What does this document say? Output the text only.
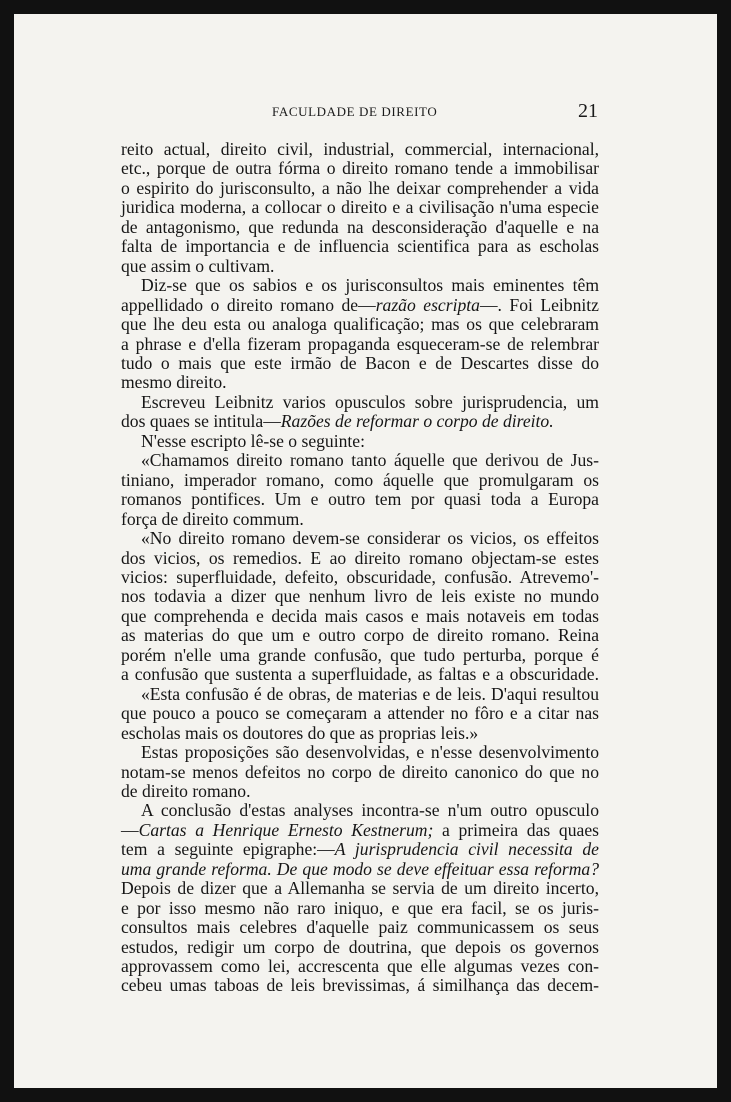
FACULDADE DE DIREITO	21
reito actual, direito civil, industrial, commercial, internacional,
etc., porque de outra fórma o direito romano tende a immobilisar
o espirito do jurisconsulto, a não lhe deixar comprehender a vida
juridica moderna, a collocar o direito e a civilisação n'uma especie
de antagonismo, que redunda na desconsideração d'aquelle e na
falta de importancia e de influencia scientifica para as escholas
que assim o cultivam.
Diz-se que os sabios e os jurisconsultos mais eminentes têm
appellidado o direito romano de—razão escripta—. Foi Leibnitz
que lhe deu esta ou analoga qualificação; mas os que celebraram
a phrase e d'ella fizeram propaganda esqueceram-se de relembrar
tudo o mais que este irmão de Bacon e de Descartes disse do
mesmo direito.
Escreveu Leibnitz varios opusculos sobre jurisprudencia, um
dos quaes se intitula—Razões de reformar o corpo de direito.
N'esse escripto lê-se o seguinte:
«Chamamos direito romano tanto áquelle que derivou de Jus-
tiniano, imperador romano, como áquelle que promulgaram os
romanos pontifices. Um e outro tem por quasi toda a Europa
força de direito commum.
«No direito romano devem-se considerar os vicios, os effeitos
dos vicios, os remedios. E ao direito romano objectam-se estes
vicios: superfluidade, defeito, obscuridade, confusão. Atrevemo'-
nos todavia a dizer que nenhum livro de leis existe no mundo
que comprehenda e decida mais casos e mais notaveis em todas
as materias do que um e outro corpo de direito romano. Reina
porém n'elle uma grande confusão, que tudo perturba, porque é
a confusão que sustenta a superfluidade, as faltas e a obscuridade.
«Esta confusão é de obras, de materias e de leis. D'aqui resultou
que pouco a pouco se começaram a attender no fôro e a citar nas
escholas mais os doutores do que as proprias leis.»
Estas proposições são desenvolvidas, e n'esse desenvolvimento
notam-se menos defeitos no corpo de direito canonico do que no
de direito romano.
A conclusão d'estas analyses incontra-se n'um outro opusculo
—Cartas a Henrique Ernesto Kestnerum; a primeira das quaes
tem a seguinte epigraphe:—A jurisprudencia civil necessita de
uma grande reforma. De que modo se deve effeituar essa reforma?
Depois de dizer que a Allemanha se servia de um direito incerto,
e por isso mesmo não raro iniquo, e que era facil, se os juris-
consultos mais celebres d'aquelle paiz communicassem os seus
estudos, redigir um corpo de doutrina, que depois os governos
approvassem como lei, accrescenta que elle algumas vezes con-
cebeu umas taboas de leis brevissimas, á similhança das decem-
